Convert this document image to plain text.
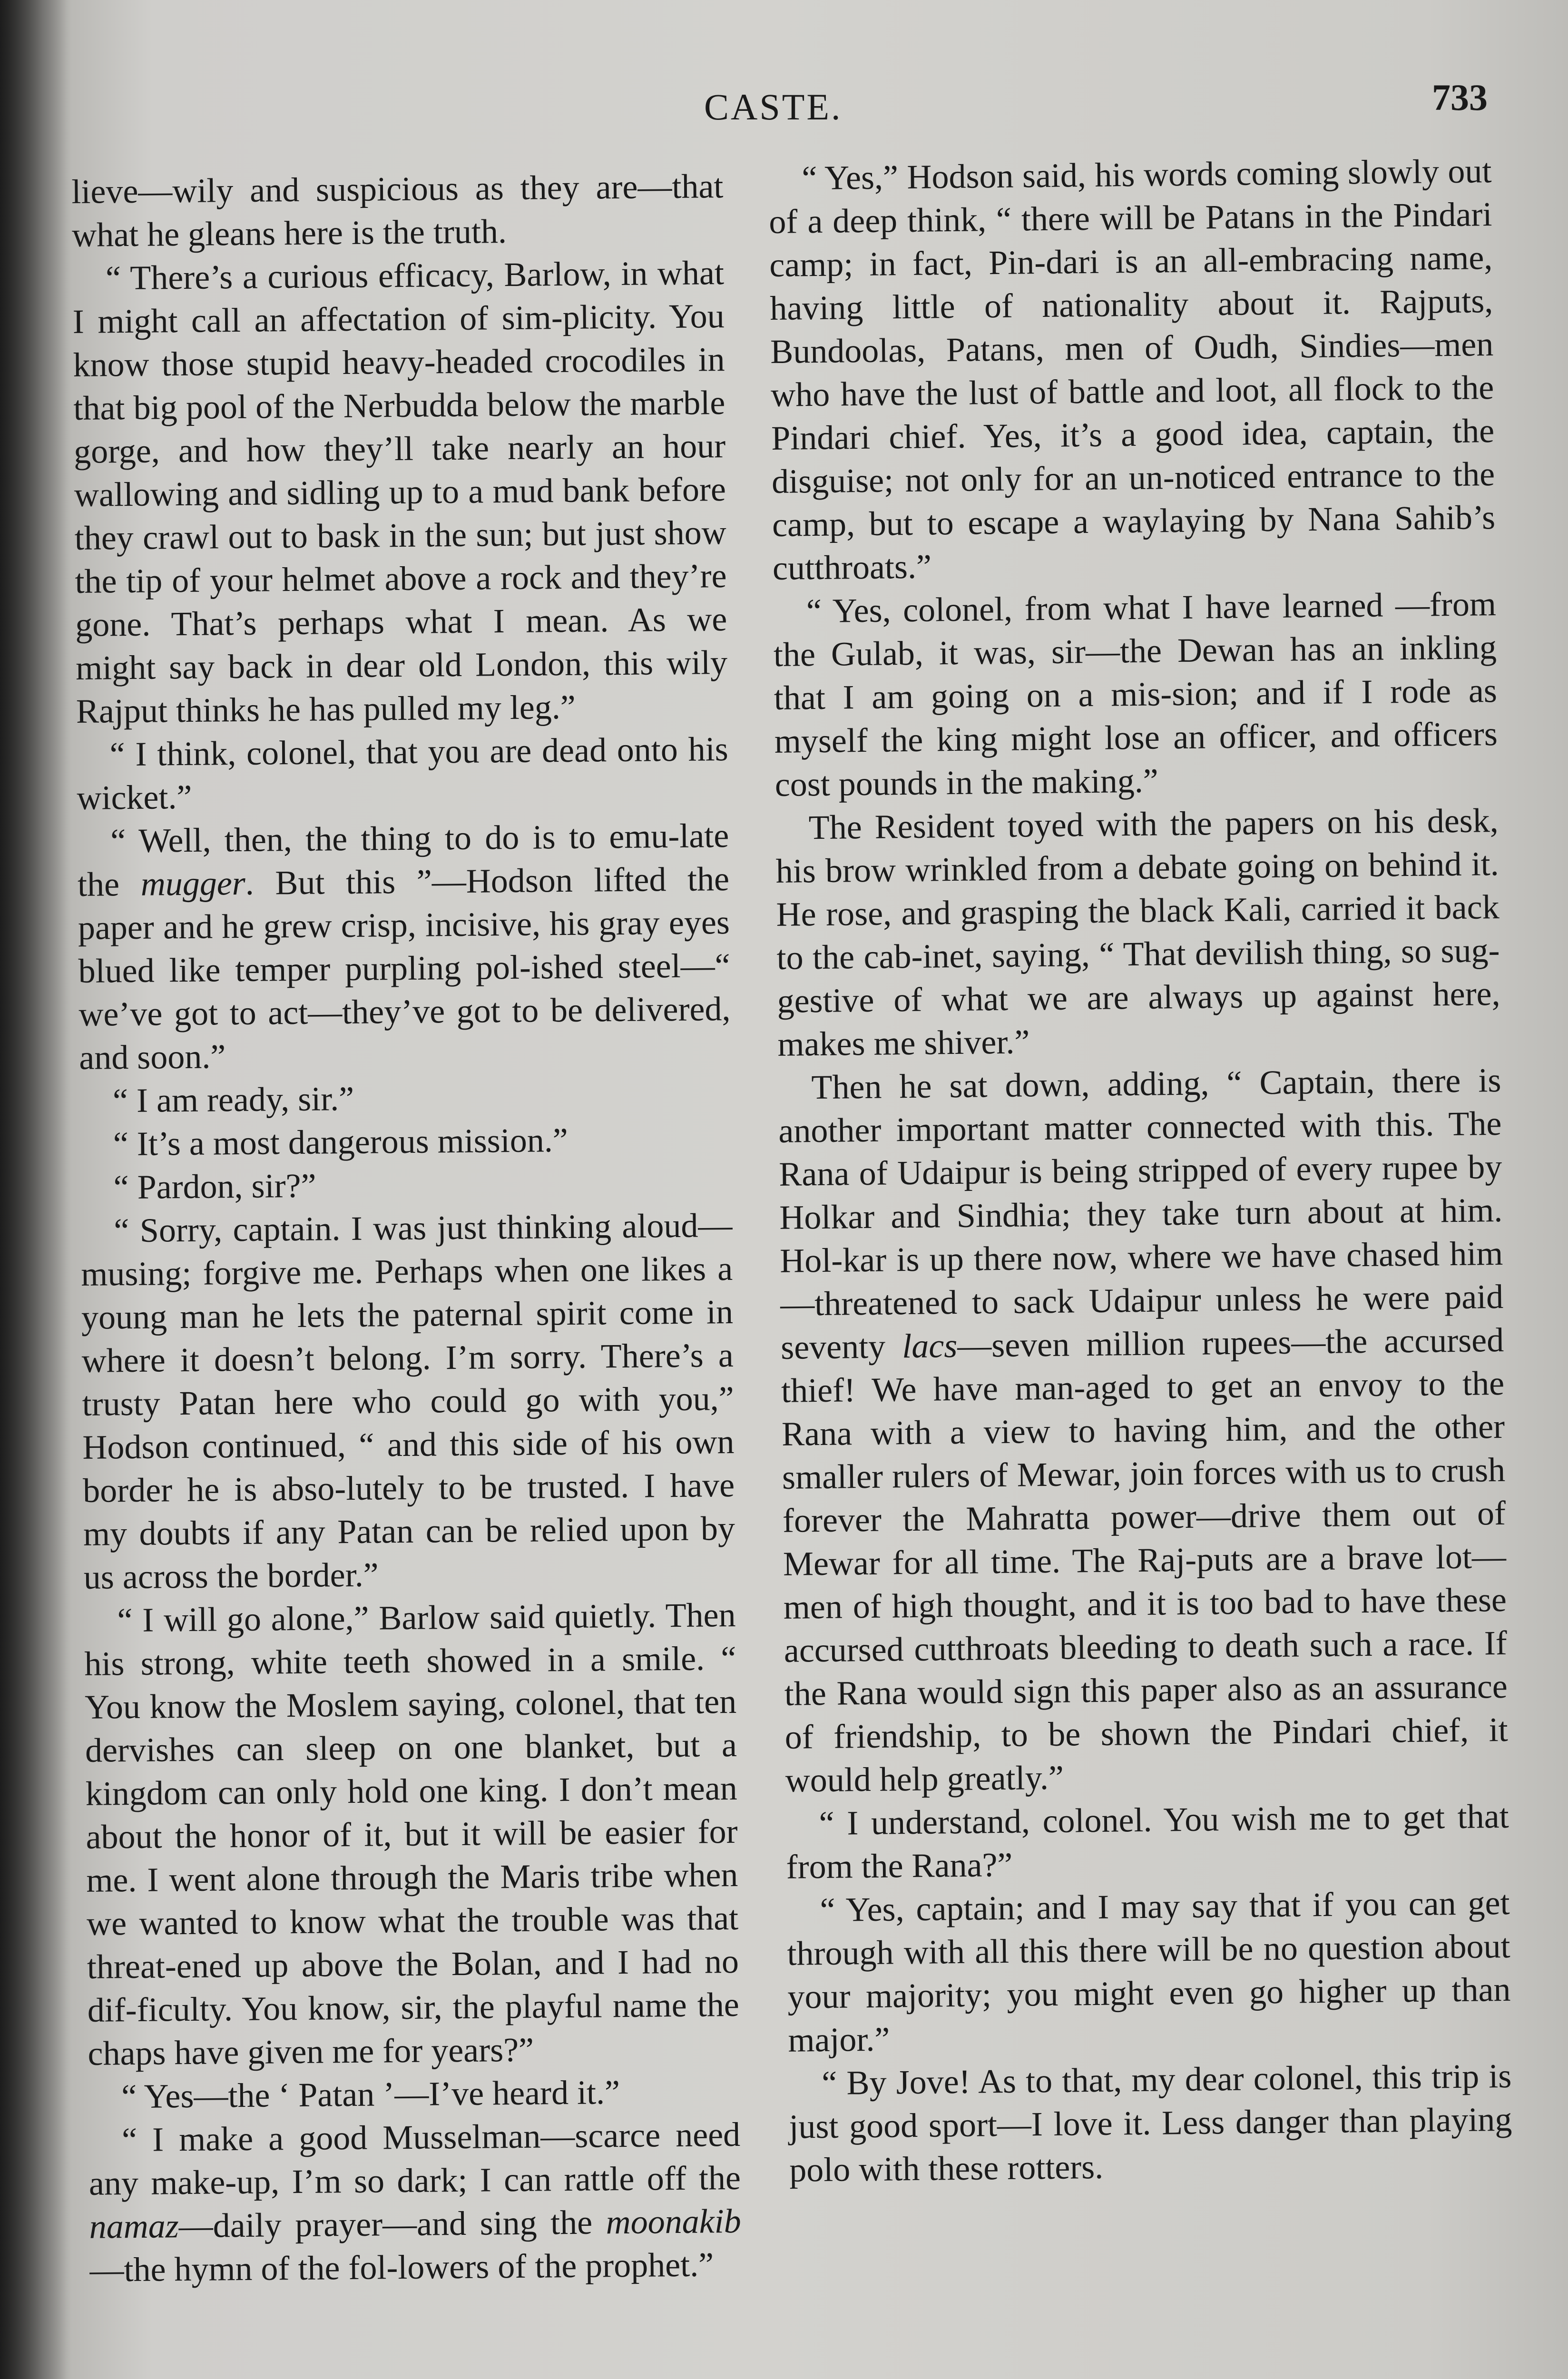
CASTE.	733

lieve—wily and suspicious as they are—that what he gleans here is the truth.

“ There’s a curious efficacy, Barlow, in what I might call an affectation of sim-plicity. You know those stupid heavy-headed crocodiles in that big pool of the Nerbudda below the marble gorge, and how they’ll take nearly an hour wallowing and sidling up to a mud bank before they crawl out to bask in the sun; but just show the tip of your helmet above a rock and they’re gone. That’s perhaps what I mean. As we might say back in dear old London, this wily Rajput thinks he has pulled my leg.”

“ I think, colonel, that you are dead onto his wicket.”

“ Well, then, the thing to do is to emu-late the mugger. But this ”—Hodson lifted the paper and he grew crisp, incisive, his gray eyes blued like temper purpling pol-ished steel—“ we’ve got to act—they’ve got to be delivered, and soon.”

“ I am ready, sir.”

“ It’s a most dangerous mission.”

“ Pardon, sir?”

“ Sorry, captain. I was just thinking aloud—musing; forgive me. Perhaps when one likes a young man he lets the paternal spirit come in where it doesn’t belong. I’m sorry. There’s a trusty Patan here who could go with you,” Hodson continued, “ and this side of his own border he is abso-lutely to be trusted. I have my doubts if any Patan can be relied upon by us across the border.”

“ I will go alone,” Barlow said quietly. Then his strong, white teeth showed in a smile. “ You know the Moslem saying, colonel, that ten dervishes can sleep on one blanket, but a kingdom can only hold one king. I don’t mean about the honor of it, but it will be easier for me. I went alone through the Maris tribe when we wanted to know what the trouble was that threat-ened up above the Bolan, and I had no dif-ficulty. You know, sir, the playful name the chaps have given me for years?”

“ Yes—the ‘ Patan ’—I’ve heard it.”

“ I make a good Musselman—scarce need any make-up, I’m so dark; I can rattle off the namaz—daily prayer—and sing the moonakib—the hymn of the fol-lowers of the prophet.”

“ Yes,” Hodson said, his words coming slowly out of a deep think, “ there will be Patans in the Pindari camp; in fact, Pin-dari is an all-embracing name, having little of nationality about it. Rajputs, Bundoolas, Patans, men of Oudh, Sindies—men who have the lust of battle and loot, all flock to the Pindari chief. Yes, it’s a good idea, captain, the disguise; not only for an un-noticed entrance to the camp, but to escape a waylaying by Nana Sahib’s cutthroats.”

“ Yes, colonel, from what I have learned —from the Gulab, it was, sir—the Dewan has an inkling that I am going on a mis-sion; and if I rode as myself the king might lose an officer, and officers cost pounds in the making.”

The Resident toyed with the papers on his desk, his brow wrinkled from a debate going on behind it. He rose, and grasping the black Kali, carried it back to the cab-inet, saying, “ That devilish thing, so sug-gestive of what we are always up against here, makes me shiver.”

Then he sat down, adding, “ Captain, there is another important matter connected with this. The Rana of Udaipur is being stripped of every rupee by Holkar and Sindhia; they take turn about at him. Hol-kar is up there now, where we have chased him—threatened to sack Udaipur unless he were paid seventy lacs—seven million rupees—the accursed thief! We have man-aged to get an envoy to the Rana with a view to having him, and the other smaller rulers of Mewar, join forces with us to crush forever the Mahratta power—drive them out of Mewar for all time. The Raj-puts are a brave lot—men of high thought, and it is too bad to have these accursed cutthroats bleeding to death such a race. If the Rana would sign this paper also as an assurance of friendship, to be shown the Pindari chief, it would help greatly.”

“ I understand, colonel. You wish me to get that from the Rana?”

“ Yes, captain; and I may say that if you can get through with all this there will be no question about your majority; you might even go higher up than major.”

“ By Jove! As to that, my dear colonel, this trip is just good sport—I love it. Less danger than playing polo with these rotters.
